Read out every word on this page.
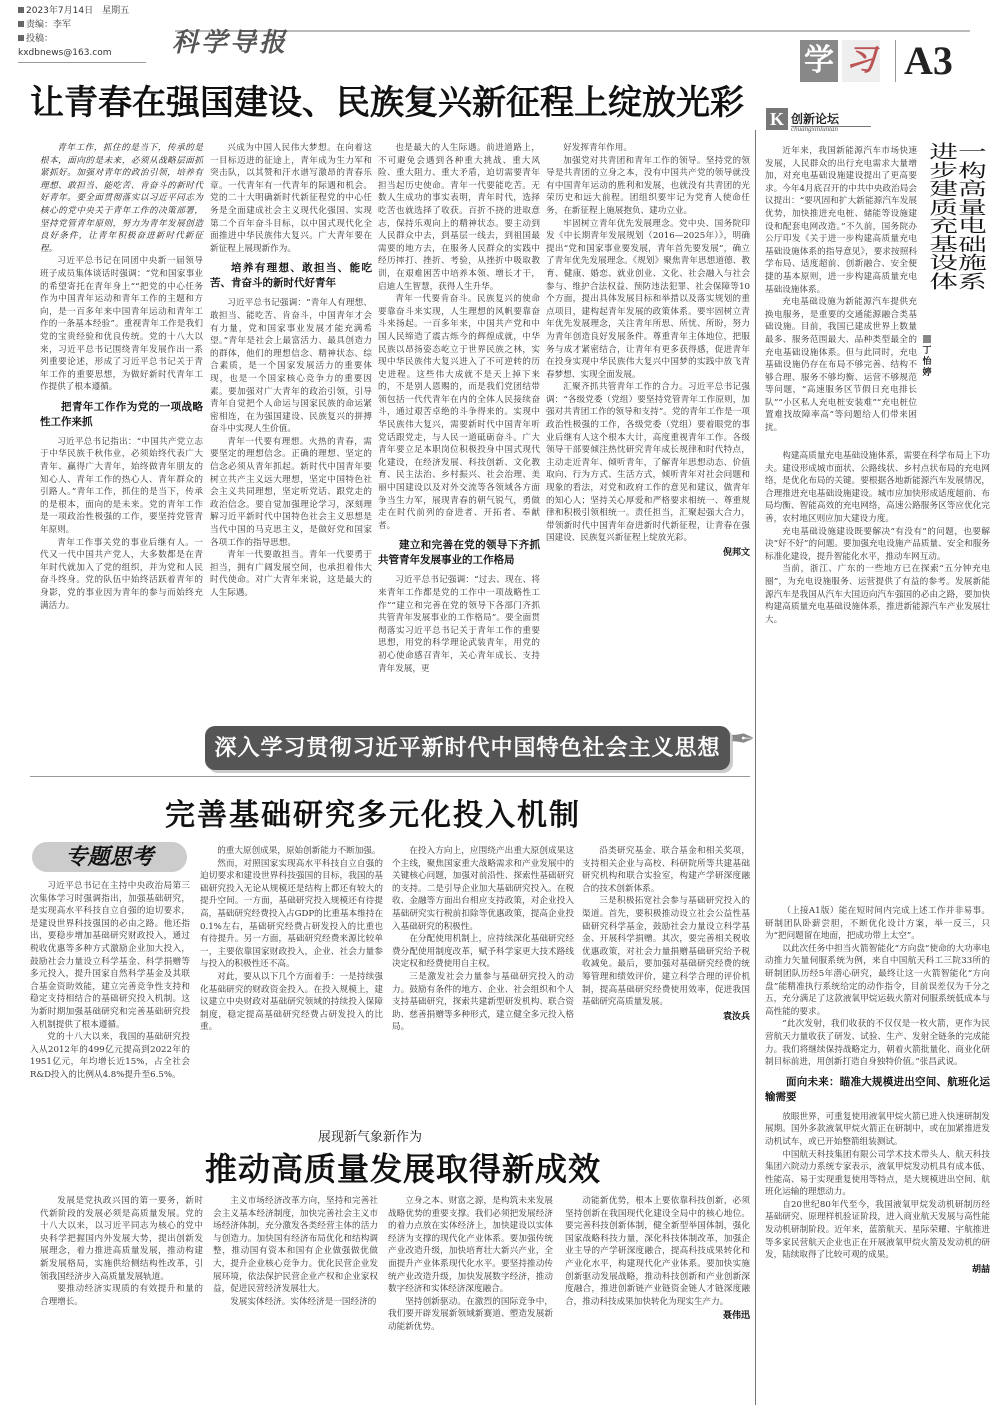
2023年7月14日　星期五
责编：李军
投稿：kxdbnews@163.com	科学导报	学 习 A3
让青春在强国建设、民族复兴新征程上绽放光彩

青年工作，抓住的是当下，传承的是根本，面向的是未来，必须从战略层面抓紧抓好。加强对青年的政治引领，培养有理想、敢担当、能吃苦、肯奋斗的新时代好青年。要全面贯彻落实以习近平同志为核心的党中央关于青年工作的决策部署，坚持党管青年原则，努力为青年发展创造良好条件，让青年积极奋进新时代新征程。

习近平总书记在同团中央新一届领导班子成员集体谈话时强调：“党和国家事业的希望寄托在青年身上”“把党的中心任务作为中国青年运动和青年工作的主题和方向，是一百多年来中国青年运动和青年工作的一条基本经验”。重视青年工作是我们党的宝贵经验和优良传统。党的十八大以来，习近平总书记围绕青年发展作出一系列重要论述，形成了习近平总书记关于青年工作的重要思想，为做好新时代青年工作提供了根本遵循。

把青年工作作为党的一项战略性工作来抓

习近平总书记指出：“中国共产党立志于中华民族千秋伟业，必须始终代表广大青年、赢得广大青年，始终做青年朋友的知心人、青年工作的热心人、青年群众的引路人。”青年工作，抓住的是当下，传承的是根本，面向的是未来。党的青年工作是一项政治性极强的工作，要坚持党管青年原则。

青年工作事关党的事业后继有人。一代又一代中国共产党人，大多数都是在青年时代就加入了党的组织，并为党和人民奋斗终身。党的队伍中始终活跃着青年的身影，党的事业因为青年的参与而始终充满活力。

兴成为中国人民伟大梦想。在向着这一目标迈进的征途上，青年成为生力军和突击队，以其赞和汗水谱写激昂的青春乐章。一代青年有一代青年的际遇和机会。党的二十大明确新时代新征程党的中心任务是全面建成社会主义现代化强国、实现第二个百年奋斗目标，以中国式现代化全面推进中华民族伟大复兴。广大青年要在新征程上展现新作为。

培养有理想、敢担当、能吃苦、肯奋斗的新时代好青年

习近平总书记强调：“青年人有理想、敢担当、能吃苦、肯奋斗，中国青年才会有力量，党和国家事业发展才能充满希望。”青年是社会上最富活力、最具创造力的群体，他们的理想信念、精神状态、综合素质，是一个国家发展活力的重要体现，也是一个国家核心竞争力的重要因素。要加强对广大青年的政治引领，引导青年自觉把个人命运与国家民族的命运紧密相连，在为强国建设、民族复兴的拼搏奋斗中实现人生价值。

青年一代要有理想。火热的青春，需要坚定的理想信念。正确的理想、坚定的信念必须从青年抓起。新时代中国青年要树立共产主义远大理想，坚定中国特色社会主义共同理想，坚定听党话、跟党走的政治信念。要自觉加强理论学习，深刻理解习近平新时代中国特色社会主义思想是当代中国的马克思主义，是做好党和国家各项工作的指导思想。

青年一代要敢担当。青年一代要勇于担当，拥有广阔发展空间，也承担着伟大时代使命。对广大青年来说，这是最大的人生际遇。

也是最大的人生际遇。前进道路上，不可避免会遇到各种重大挑战、重大风险、重大阻力、重大矛盾，迫切需要青年担当起历史使命。青年一代要能吃苦。无数人生成功的事实表明，青年时代，选择吃苦也就选择了收获。百折不挠的进取意志，保持乐观向上的精神状态。要主动到人民群众中去，到基层一线去，到祖国最需要的地方去，在服务人民群众的实践中经历摔打、挫折、考验，从挫折中吸取教训，在艰难困苦中培养本领、增长才干，启迪人生智慧，获得人生升华。

青年一代要肯奋斗。民族复兴的使命要靠奋斗来实现，人生理想的风帆要靠奋斗来扬起。一百多年来，中国共产党和中国人民缔造了震古烁今的辉煌成就，中华民族以昂扬姿态屹立于世界民族之林，实现中华民族伟大复兴进入了不可逆转的历史进程。这些伟大成就不是天上掉下来的，不是别人恩赐的，而是我们党团结带领包括一代代青年在内的全体人民接续奋斗，通过艰苦卓绝的斗争得来的。实现中华民族伟大复兴，需要新时代中国青年听党话跟党走，与人民一道砥砺奋斗。广大青年要立足本职岗位积极投身中国式现代化建设，在经济发展、科技创新、文化教育、民主法治、乡村振兴、社会治理、美丽中国建设以及对外交流等各领域各方面争当生力军，展现青春的朝气锐气，勇做走在时代前列的奋进者、开拓者、奉献者。

建立和完善在党的领导下齐抓共管青年发展事业的工作格局

习近平总书记强调：“过去、现在、将来青年工作都是党的工作中一项战略性工作”“建立和完善在党的领导下各部门齐抓共管青年发展事业的工作格局”。要全面贯彻落实习近平总书记关于青年工作的重要思想，用党的科学理论武装青年，用党的初心使命感召青年，关心青年成长、支持青年发展，更

好发挥青年作用。

加强党对共青团和青年工作的领导。坚持党的领导是共青团的立身之本，没有中国共产党的领导就没有中国青年运动的胜利和发展，也就没有共青团的光荣历史和远大前程。团组织要牢记为党育人使命任务，在新征程上施展抱负、建功立业。

牢固树立青年优先发展理念。党中央、国务院印发《中长期青年发展规划（2016—2025年）》，明确提出“党和国家事业要发展，青年首先要发展”，确立了青年优先发展理念。《规划》聚焦青年思想道德、教育、健康、婚恋、就业创业、文化、社会融入与社会参与、维护合法权益、预防违法犯罪、社会保障等10个方面，提出具体发展目标和举措以及落实规划的重点项目，建构起青年发展的政策体系。要牢固树立青年优先发展理念，关注青年所思、所忧、所盼，努力为青年创造良好发展条件。尊重青年主体地位，把服务与成才紧密结合，让青年有更多获得感，促进青年在投身实现中华民族伟大复兴中国梦的实践中放飞青春梦想、实现全面发展。

汇聚齐抓共管青年工作的合力。习近平总书记强调：“各级党委（党组）要坚持党管青年工作原则，加强对共青团工作的领导和支持”。党的青年工作是一项政治性极强的工作，各级党委（党组）要着眼党的事业后继有人这个根本大计，高度重视青年工作。各级领导干部要倾注热忱研究青年成长规律和时代特点，主动走近青年、倾听青年，了解青年思想动态、价值取向、行为方式、生活方式，倾听青年对社会问题和现象的看法，对党和政府工作的意见和建议，做青年的知心人；坚持关心厚爱和严格要求相统一、尊重规律和积极引领相统一。责任担当，汇聚起强大合力，带领新时代中国青年奋进新时代新征程，让青春在强国建设、民族复兴新征程上绽放光彩。

倪邦文

深入学习贯彻习近平新时代中国特色社会主义思想 ✒
完善基础研究多元化投入机制
专题思考

习近平总书记在主持中央政治局第三次集体学习时强调指出，加强基础研究，是实现高水平科技自立自强的迫切要求，是建设世界科技强国的必由之路。他还指出，要稳步增加基础研究财政投入，通过税收优惠等多种方式激励企业加大投入，鼓励社会力量设立科学基金、科学捐赠等多元投入，提升国家自然科学基金及其联合基金资助效能，建立完善竞争性支持和稳定支持相结合的基础研究投入机制。这为新时期加强基础研究和完善基础研究投入机制提供了根本遵循。

党的十八大以来，我国的基础研究投入从2012年的499亿元提高到2022年的1951亿元，年均增长近15%，占全社会R&D投入的比例从4.8%提升至6.5%。

的重大原创成果，原始创新能力不断加强。

然而，对照国家实现高水平科技自立自强的迫切要求和建设世界科技强国的目标，我国的基础研究投入无论从规模还是结构上都还有较大的提升空间。一方面，基础研究投入规模还有待提高，基础研究经费投入占GDP的比重基本维持在0.1%左右，基础研究经费占研发投入的比重也有待提升。另一方面，基础研究经费来源比较单一，主要依靠国家财政投入，企业、社会力量参与投入的积极性还不高。

对此，要从以下几个方面着手：一是持续强化基础研究的财政资金投入。在投入规模上，建议建立中央财政对基础研究领域的持续投入保障制度，稳定提高基础研究经费占研发投入的比重。

在投入方向上，应围绕产出重大原创成果这个主线，聚焦国家重大战略需求和产业发展中的关键核心问题，加强对前沿性、探索性基础研究的支持。二是引导企业加大基础研究投入。在税收、金融等方面出台相应支持政策，对企业投入基础研究实行税前扣除等优惠政策，提高企业投入基础研究的积极性。

在分配使用机制上，应持续深化基础研究经费分配使用制度改革，赋予科学家更大技术路线决定权和经费使用自主权。

三是激发社会力量参与基础研究投入的动力。鼓励有条件的地方、企业、社会组织和个人支持基础研究，探索共建新型研发机构、联合资助、慈善捐赠等多种形式，建立健全多元投入格局。

沿类研究基金、联合基金和相关奖项，支持相关企业与高校、科研院所等共建基础研究机构和联合实验室，构建产学研深度融合的技术创新体系。

三是积极拓宽社会参与基础研究投入的渠道。首先，要积极推动设立社会公益性基础研究科学基金，鼓励社会力量设立科学基金、开展科学捐赠。其次，要完善相关税收优惠政策，对社会力量捐赠基础研究给予税收减免。最后，要加强对基础研究经费的统筹管理和绩效评价，建立科学合理的评价机制，提高基础研究经费使用效率，促进我国基础研究高质量发展。

袁汝兵

展现新气象新作为
推动高质量发展取得新成效

发展是党执政兴国的第一要务，新时代新阶段的发展必须是高质量发展。党的十八大以来，以习近平同志为核心的党中央科学把握国内外发展大势，提出创新发展理念，着力推进高质量发展，推动构建新发展格局，实施供给侧结构性改革，引领我国经济步入高质量发展轨道。

要推动经济实现质的有效提升和量的合理增长。

主义市场经济改革方向，坚持和完善社会主义基本经济制度，加快完善社会主义市场经济体制，充分激发各类经营主体的活力与创造力。加快国有经济布局优化和结构调整，推动国有资本和国有企业做强做优做大，提升企业核心竞争力。优化民营企业发展环境，依法保护民营企业产权和企业家权益，促进民营经济发展壮大。

发展实体经济。实体经济是一国经济的

立身之本、财富之源，是构筑未来发展战略优势的重要支撑。我们必须把发展经济的着力点放在实体经济上，加快建设以实体经济为支撑的现代化产业体系。要加强传统产业改造升级，加快培育壮大新兴产业，全面提升产业体系现代化水平。要坚持推动传统产业改造升级，加快发展数字经济，推动数字经济和实体经济深度融合。

坚持创新驱动。在激烈的国际竞争中，我们要开辟发展新领域新赛道、塑造发展新动能新优势。

动能新优势，根本上要依靠科技创新，必须坚持创新在我国现代化建设全局中的核心地位。要完善科技创新体制，健全新型举国体制，强化国家战略科技力量，深化科技体制改革，加强企业主导的产学研深度融合，提高科技成果转化和产业化水平，构建现代化产业体系。要加快实施创新驱动发展战略，推动科技创新和产业创新深度融合，推进创新链产业链资金链人才链深度融合，推动科技成果加快转化为现实生产力。

聂伟迅

K 创新论坛
chuangxinluntan
进一步构建高质量充电基础设施体系
丁怡婷

近年来，我国新能源汽车市场快速发展，人民群众的出行充电需求大量增加，对充电基础设施建设提出了更高要求。今年4月底召开的中共中央政治局会议提出：“要巩固和扩大新能源汽车发展优势，加快推进充电桩、储能等设施建设和配套电网改造。”不久前，国务院办公厅印发《关于进一步构建高质量充电基础设施体系的指导意见》，要求按照科学布局、适度超前、创新融合、安全便捷的基本原则，进一步构建高质量充电基础设施体系。

充电基础设施为新能源汽车提供充换电服务，是重要的交通能源融合类基础设施。目前，我国已建成世界上数量最多、服务范围最大、品种类型最全的充电基础设施体系。但与此同时，充电基础设施仍存在布局不够完善、结构不够合理、服务不够均衡、运营不够规范等问题，“高速服务区节假日充电排长队”“小区私人充电桩安装难”“充电桩位置难找故障率高”等问题给人们带来困扰。

构建高质量充电基础设施体系，需要在科学布局上下功夫。建设形成城市面状、公路线状、乡村点状布局的充电网络，是优化布局的关键。要根据各地新能源汽车发展情况，合理推进充电基础设施建设。城市应加快形成适度超前、布局均衡、智能高效的充电网络，高速公路服务区等应优化完善，农村地区则应加大建设力度。

充电基础设施建设既要解决“有没有”的问题，也要解决“好不好”的问题。要加强充电设施产品质量、安全和服务标准化建设，提升智能化水平，推动车网互动。

当前，浙江、广东的一些地方已在探索“五分钟充电圈”，为充电设施服务、运营提供了有益的参考。发展新能源汽车是我国从汽车大国迈向汽车强国的必由之路，要加快构建高质量充电基础设施体系，推进新能源汽车产业发展壮大。

（上接A1版）能在短时间内完成上述工作并非易事。研制团队卧薪尝胆，不断优化设计方案，举一反三，只为“把问题留在地面，把成功带上太空”。

以此次任务中担当火箭智能化“方向盘”使命的大功率电动推力矢量伺服系统为例，来自中国航天科工三院33所的研制团队历经5年潜心研究，最终让这一火箭智能化“方向盘”能精准执行系统给定的动作指令，目前误差仅为千分之五，充分满足了这款液氧甲烷运载火箭对伺服系统低成本与高性能的要求。

“此次发射，我们收获的不仅仅是一枚火箭，更作为民营航天力量收获了研发、试验、生产、发射全链条的完成能力。我们将继续保持战略定力，朝着火箭批量化、商业化研制目标前进，用创新打造自身独特价值。”张昌武说。

面向未来：瞄准大规模进出空间、航班化运输需要

放眼世界，可重复使用液氧甲烷火箭已进入快速研制发展期。国外多款液氧甲烷火箭正在研制中，或在加紧推进发动机试车，或已开始整箭组装测试。

中国航天科技集团有限公司学术技术带头人、航天科技集团六院动力系统专家表示，液氧甲烷发动机具有成本低、性能高、易于实现重复使用等特点，是大规模进出空间、航班化运输的理想动力。

自20世纪80年代至今，我国液氧甲烷发动机研制历经基础研究、原理样机验证阶段，进入商业航天发展与高性能发动机研制阶段。近年来，蓝箭航天、星际荣耀、宇航推进等多家民营航天企业也正在开展液氧甲烷火箭及发动机的研发，陆续取得了比较可观的成果。

胡喆
